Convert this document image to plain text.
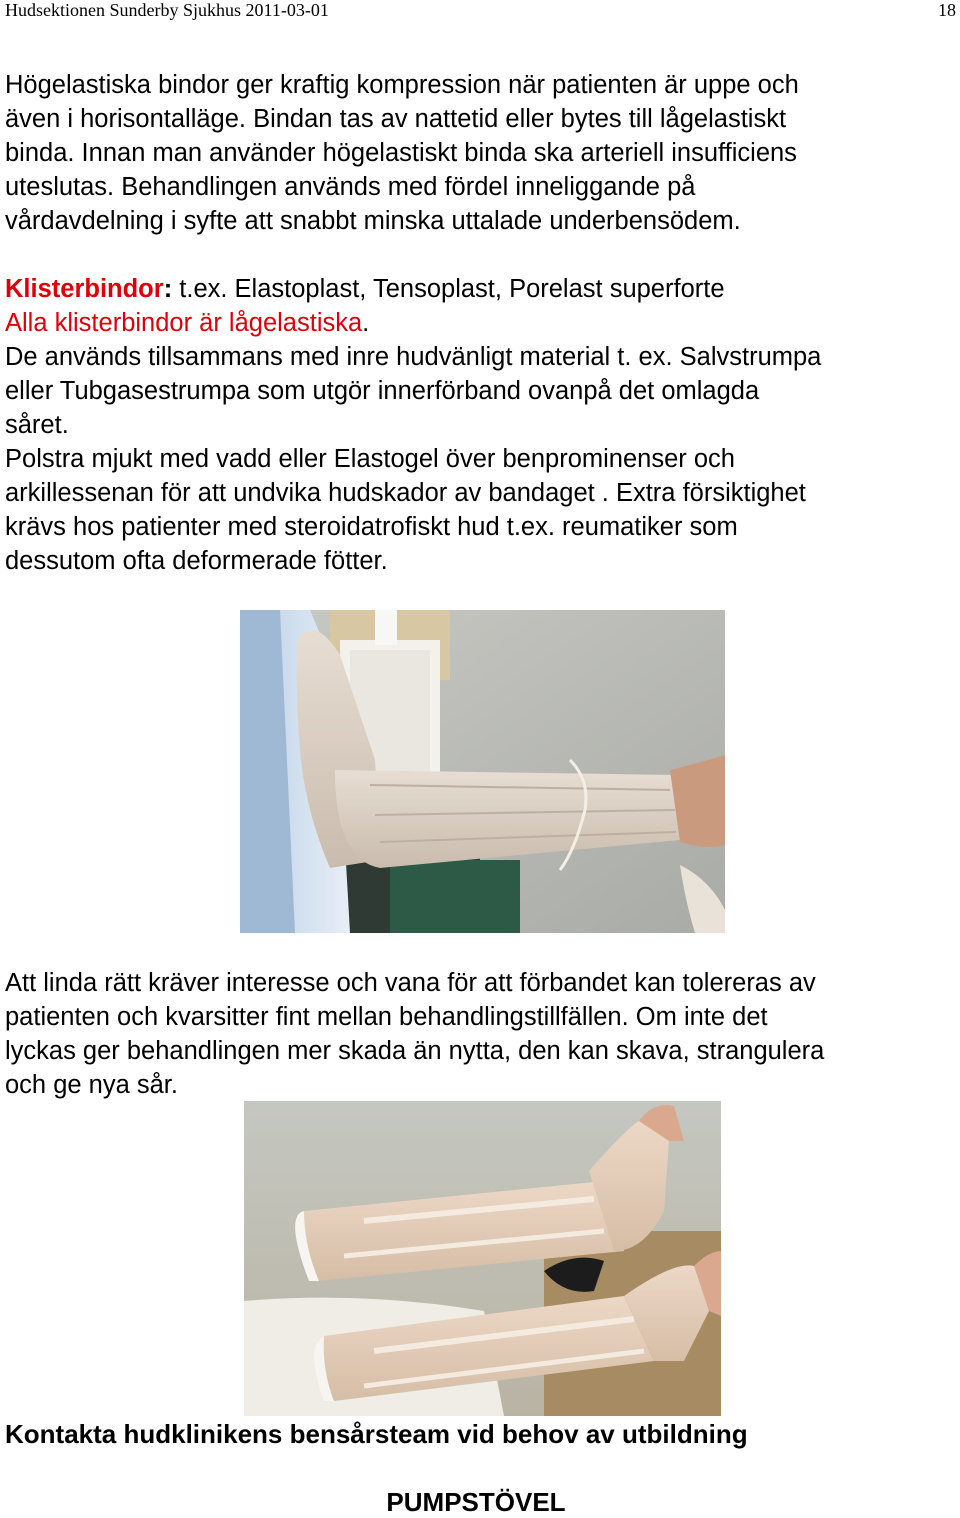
Hudsektionen Sunderby Sjukhus 2011-03-01	18

Högelastiska bindor ger kraftig kompression när patienten är uppe och

även i horisontalläge. Bindan tas av nattetid eller bytes till lågelastiskt

binda. Innan man använder högelastiskt binda ska arteriell insufficiens

uteslutas. Behandlingen används med fördel inneliggande på

vårdavdelning i syfte att snabbt minska uttalade underbensödem.

Klisterbindor: t.ex. Elastoplast, Tensoplast, Porelast superforte

Alla klisterbindor är lågelastiska.

De används tillsammans med inre hudvänligt material t. ex. Salvstrumpa

eller Tubgasestrumpa som utgör innerförband ovanpå det omlagda

såret.

Polstra mjukt med vadd eller Elastogel över benprominenser och

arkillessenan för att undvika hudskador av bandaget . Extra försiktighet

krävs hos patienter med steroidatrofiskt hud t.ex. reumatiker som

dessutom ofta deformerade fötter.

Att linda rätt kräver interesse och vana för att förbandet kan tolereras av

patienten och kvarsitter fint mellan behandlingstillfällen. Om inte det

lyckas ger behandlingen mer skada än nytta, den kan skava, strangulera

och ge nya sår.

Kontakta hudklinikens bensårsteam vid behov av utbildning
PUMPSTÖVEL
